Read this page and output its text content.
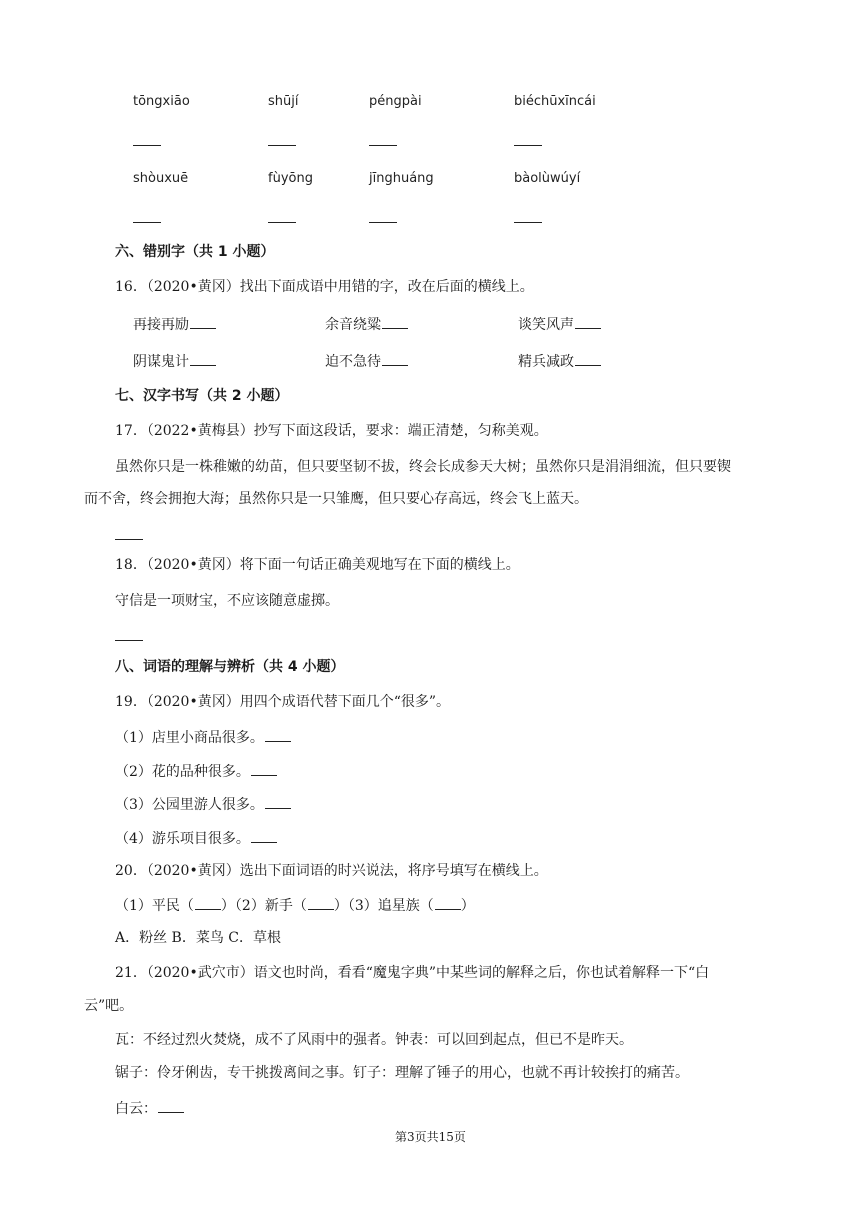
tōngxiāo	shūjí	péngpài	biéchūxīncái
shòuxuē	fùyōng	jīnghuáng	bàolùwúyí
六、错别字（共 1 小题）
16．（2020•黄冈）找出下面成语中用错的字，改在后面的横线上。
再接再励	余音绕粱	谈笑风声
阴谋鬼计	迫不急待	精兵减政
七、汉字书写（共 2 小题）
17．（2022•黄梅县）抄写下面这段话，要求：端正清楚，匀称美观。
虽然你只是一株稚嫩的幼苗，但只要坚韧不拔，终会长成参天大树；虽然你只是涓涓细流，但只要锲
而不舍，终会拥抱大海；虽然你只是一只雏鹰，但只要心存高远，终会飞上蓝天。
18．（2020•黄冈）将下面一句话正确美观地写在下面的横线上。
守信是一项财宝，不应该随意虚掷。
八、词语的理解与辨析（共 4 小题）
19．（2020•黄冈）用四个成语代替下面几个“很多”。
（1）店里小商品很多。
（2）花的品种很多。
（3）公园里游人很多。
（4）游乐项目很多。
20．（2020•黄冈）选出下面词语的时兴说法，将序号填写在横线上。
（1）平民（ ）（2）新手（ ）（3）追星族（ ）
A．粉丝 B．菜鸟 C．草根
21．（2020•武穴市）语文也时尚，看看“魔鬼字典”中某些词的解释之后，你也试着解释一下“白
云”吧。
瓦：不经过烈火焚烧，成不了风雨中的强者。钟表：可以回到起点，但已不是昨天。
锯子：伶牙俐齿，专干挑拨离间之事。钉子：理解了锤子的用心，也就不再计较挨打的痛苦。
白云：
第3页共15页
